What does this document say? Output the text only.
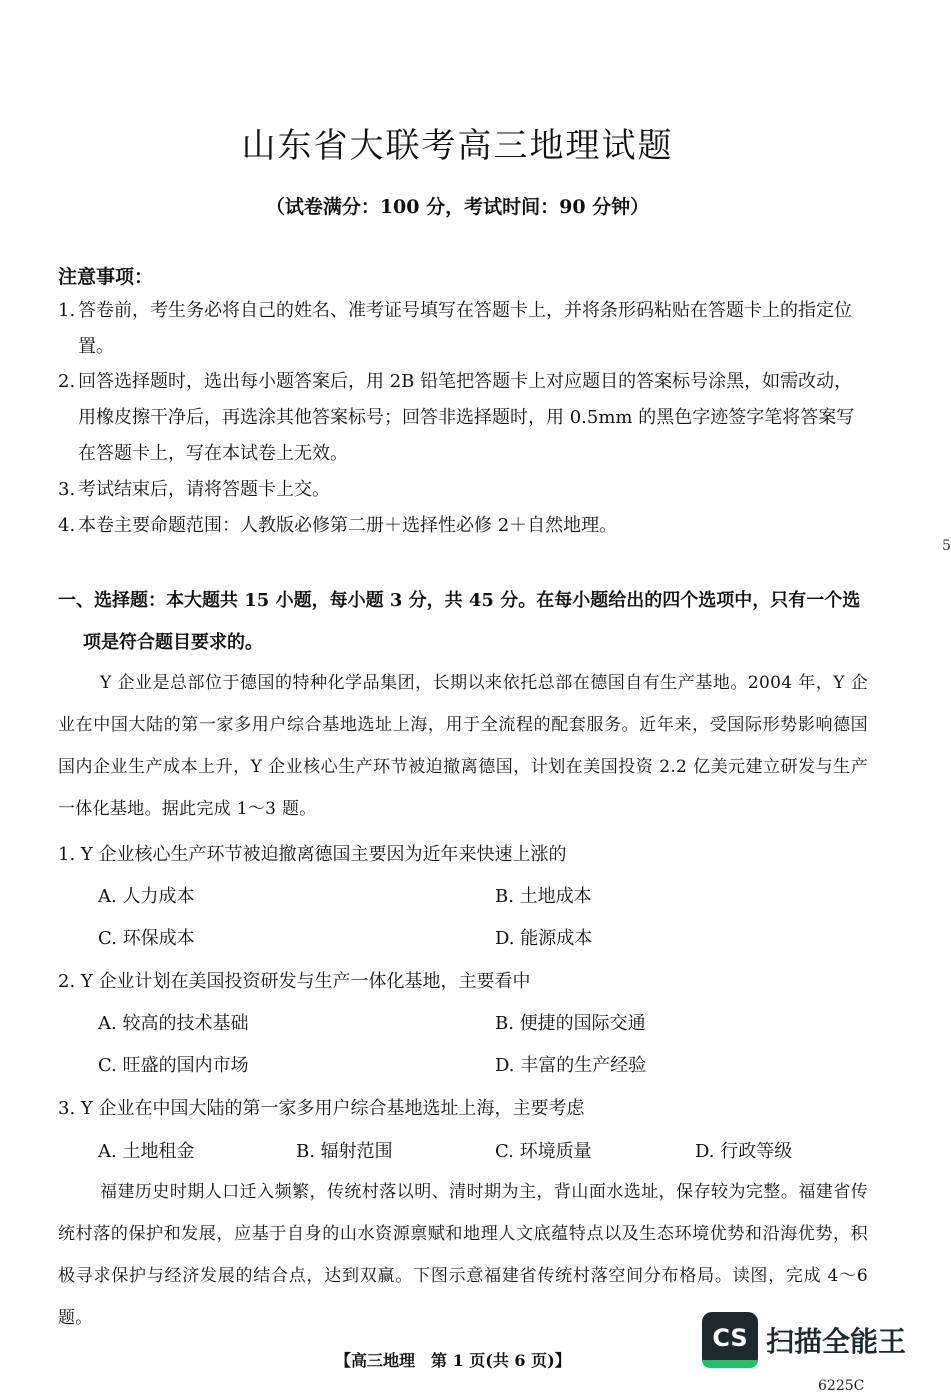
山东省大联考高三地理试题
（试卷满分：100 分，考试时间：90 分钟）
注意事项：
1. 答卷前，考生务必将自己的姓名、准考证号填写在答题卡上，并将条形码粘贴在答题卡上的指定位置。
2. 回答选择题时，选出每小题答案后，用 2B 铅笔把答题卡上对应题目的答案标号涂黑，如需改动，用橡皮擦干净后，再选涂其他答案标号；回答非选择题时，用 0.5mm 的黑色字迹签字笔将答案写在答题卡上，写在本试卷上无效。
3. 考试结束后，请将答题卡上交。
4. 本卷主要命题范围：人教版必修第二册＋选择性必修 2＋自然地理。
5
一、选择题：本大题共 15 小题，每小题 3 分，共 45 分。在每小题给出的四个选项中，只有一个选
项是符合题目要求的。
Y 企业是总部位于德国的特种化学品集团，长期以来依托总部在德国自有生产基地。2004 年，Y 企业在中国大陆的第一家多用户综合基地选址上海，用于全流程的配套服务。近年来，受国际形势影响德国国内企业生产成本上升，Y 企业核心生产环节被迫撤离德国，计划在美国投资 2.2 亿美元建立研发与生产一体化基地。据此完成 1～3 题。
1. Y 企业核心生产环节被迫撤离德国主要因为近年来快速上涨的
A. 人力成本	B. 土地成本
C. 环保成本	D. 能源成本
2. Y 企业计划在美国投资研发与生产一体化基地，主要看中
A. 较高的技术基础	B. 便捷的国际交通
C. 旺盛的国内市场	D. 丰富的生产经验
3. Y 企业在中国大陆的第一家多用户综合基地选址上海，主要考虑
A. 土地租金	B. 辐射范围	C. 环境质量	D. 行政等级
福建历史时期人口迁入频繁，传统村落以明、清时期为主，背山面水选址，保存较为完整。福建省传统村落的保护和发展，应基于自身的山水资源禀赋和地理人文底蕴特点以及生态环境优势和沿海优势，积极寻求保护与经济发展的结合点，达到双赢。下图示意福建省传统村落空间分布格局。读图，完成 4～6 题。
【高三地理　第 1 页(共 6 页)】
6225C
CS 扫描全能王
